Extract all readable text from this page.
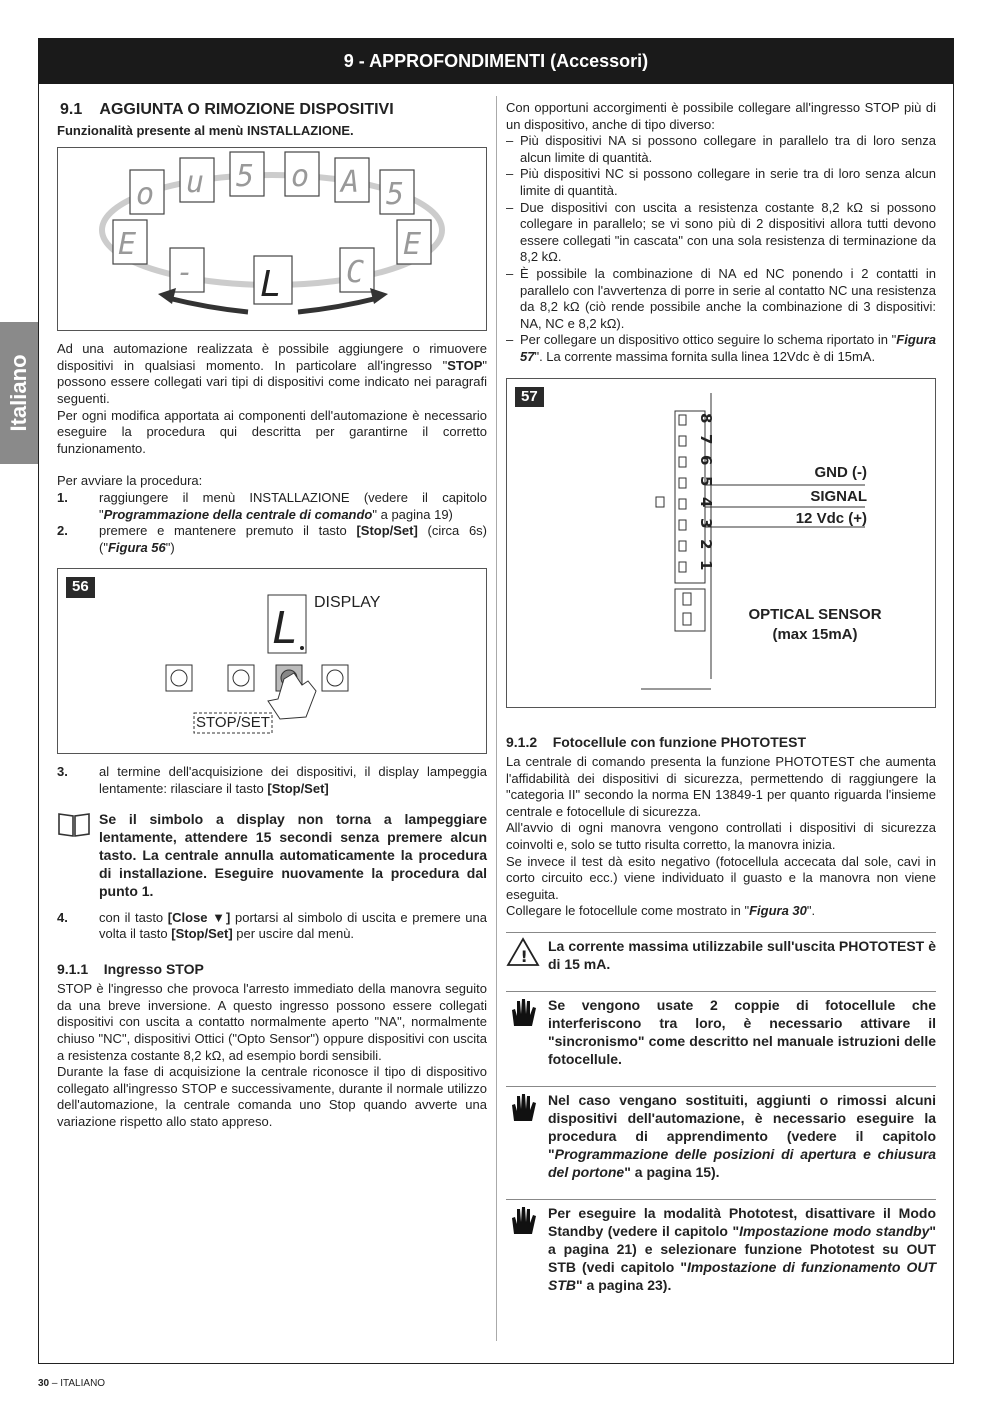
9 - APPROFONDIMENTI (Accessori)
Italiano
9.1    AGGIUNTA O RIMOZIONE DISPOSITIVI
Funzionalità presente al menù INSTALLAZIONE.
o u 5 o A 5
E	E
-	C
L

Ad una automazione realizzata è possibile aggiungere o rimuovere dispositivi in qualsiasi momento. In particolare all'ingresso "STOP" possono essere collegati vari tipi di dispositivi come indicato nei paragrafi seguenti.

Per ogni modifica apportata ai componenti dell'automazione è necessario eseguire la procedura qui descritta per garantirne il corretto funzionamento.

Per avviare la procedura:

1.	raggiungere il menù INSTALLAZIONE (vedere il capitolo "Programmazione della centrale di comando" a pagina 19)
2.	premere e mantenere premuto il tasto [Stop/Set] (circa 6s) ("Figura 56")
56
L
DISPLAY
STOP/SET
3.	al termine dell'acquisizione dei dispositivi, il display lampeggia lentamente: rilasciare il tasto [Stop/Set]
Se il simbolo a display non torna a lampeggiare lentamente, attendere 15 secondi senza premere alcun tasto. La centrale annulla automaticamente la procedura di installazione. Eseguire nuovamente la procedura dal punto 1.
4.	con il tasto [Close ▼] portarsi al simbolo di uscita e premere una volta il tasto [Stop/Set] per uscire dal menù.
9.1.1    Ingresso STOP

STOP è l'ingresso che provoca l'arresto immediato della manovra seguito da una breve inversione. A questo ingresso possono essere collegati dispositivi con uscita a contatto normalmente aperto "NA", normalmente chiuso "NC", dispositivi Ottici ("Opto Sensor") oppure dispositivi con uscita a resistenza costante 8,2 kΩ, ad esempio bordi sensibili.

Durante la fase di acquisizione la centrale riconosce il tipo di dispositivo collegato all'ingresso STOP e successivamente, durante il normale utilizzo dell'automazione, la centrale comanda uno Stop quando avverte una variazione rispetto allo stato appreso.

Con opportuni accorgimenti è possibile collegare all'ingresso STOP più di un dispositivo, anche di tipo diverso:

– Più dispositivi NA si possono collegare in parallelo tra di loro senza alcun limite di quantità.
– Più dispositivi NC si possono collegare in serie tra di loro senza alcun limite di quantità.
– Due dispositivi con uscita a resistenza costante 8,2 kΩ si possono collegare in parallelo; se vi sono più di 2 dispositivi allora tutti devono essere collegati "in cascata" con una sola resistenza di terminazione da 8,2 kΩ.
– È possibile la combinazione di NA ed NC ponendo i 2 contatti in parallelo con l'avvertenza di porre in serie al contatto NC una resistenza da 8,2 kΩ (ciò rende possibile anche la combinazione di 3 dispositivi: NA, NC e 8,2 kΩ).
– Per collegare un dispositivo ottico seguire lo schema riportato in "Figura 57". La corrente massima fornita sulla linea 12Vdc è di 15mA.
57
8
7
6
5
4
3
2
1
GND (-)
SIGNAL
12 Vdc (+)
OPTICAL SENSOR
(max 15mA)
9.1.2    Fotocellule con funzione PHOTOTEST

La centrale di comando presenta la funzione PHOTOTEST che aumenta l'affidabilità dei dispositivi di sicurezza, permettendo di raggiungere la "categoria II" secondo la norma EN 13849-1 per quanto riguarda l'insieme centrale e fotocellule di sicurezza.

All'avvio di ogni manovra vengono controllati i dispositivi di sicurezza coinvolti e, solo se tutto risulta corretto, la manovra inizia.

Se invece il test dà esito negativo (fotocellula accecata dal sole, cavi in corto circuito ecc.) viene individuato il guasto e la manovra non viene eseguita.

Collegare le fotocellule come mostrato in "Figura 30".

!
La corrente massima utilizzabile sull'uscita PHOTOTEST è di 15 mA.
Se vengono usate 2 coppie di fotocellule che interferiscono tra loro, è necessario attivare il "sincronismo" come descritto nel manuale istruzioni delle fotocellule.
Nel caso vengano sostituiti, aggiunti o rimossi alcuni dispositivi dell'automazione, è necessario eseguire la procedura di apprendimento (vedere il capitolo "Programmazione delle posizioni di apertura e chiusura del portone" a pagina 15).
Per eseguire la modalità Phototest, disattivare il Modo Standby (vedere il capitolo "Impostazione modo standby" a pagina 21) e selezionare funzione Phototest su OUT STB (vedi capitolo "Impostazione di funzionamento OUT STB" a pagina 23).
30 – ITALIANO
